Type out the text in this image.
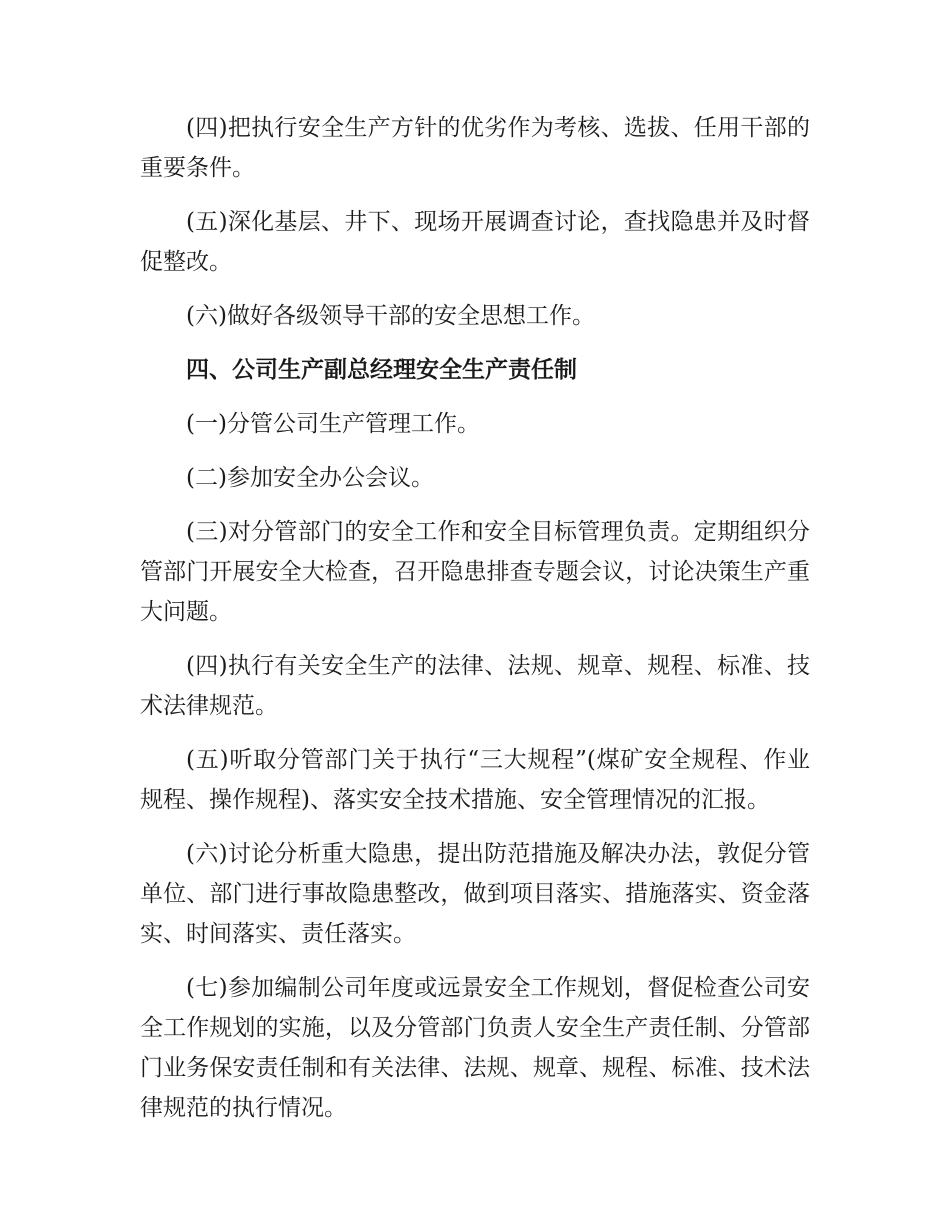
(四)把执行安全生产方针的优劣作为考核、选拔、任用干部的重要条件。

(五)深化基层、井下、现场开展调查讨论，查找隐患并及时督促整改。

(六)做好各级领导干部的安全思想工作。

四、公司生产副总经理安全生产责任制

(一)分管公司生产管理工作。

(二)参加安全办公会议。

(三)对分管部门的安全工作和安全目标管理负责。定期组织分管部门开展安全大检查，召开隐患排查专题会议，讨论决策生产重大问题。

(四)执行有关安全生产的法律、法规、规章、规程、标准、技术法律规范。

(五)听取分管部门关于执行“三大规程”(煤矿安全规程、作业规程、操作规程)、落实安全技术措施、安全管理情况的汇报。

(六)讨论分析重大隐患，提出防范措施及解决办法，敦促分管单位、部门进行事故隐患整改，做到项目落实、措施落实、资金落实、时间落实、责任落实。

(七)参加编制公司年度或远景安全工作规划，督促检查公司安全工作规划的实施，以及分管部门负责人安全生产责任制、分管部门业务保安责任制和有关法律、法规、规章、规程、标准、技术法律规范的执行情况。
